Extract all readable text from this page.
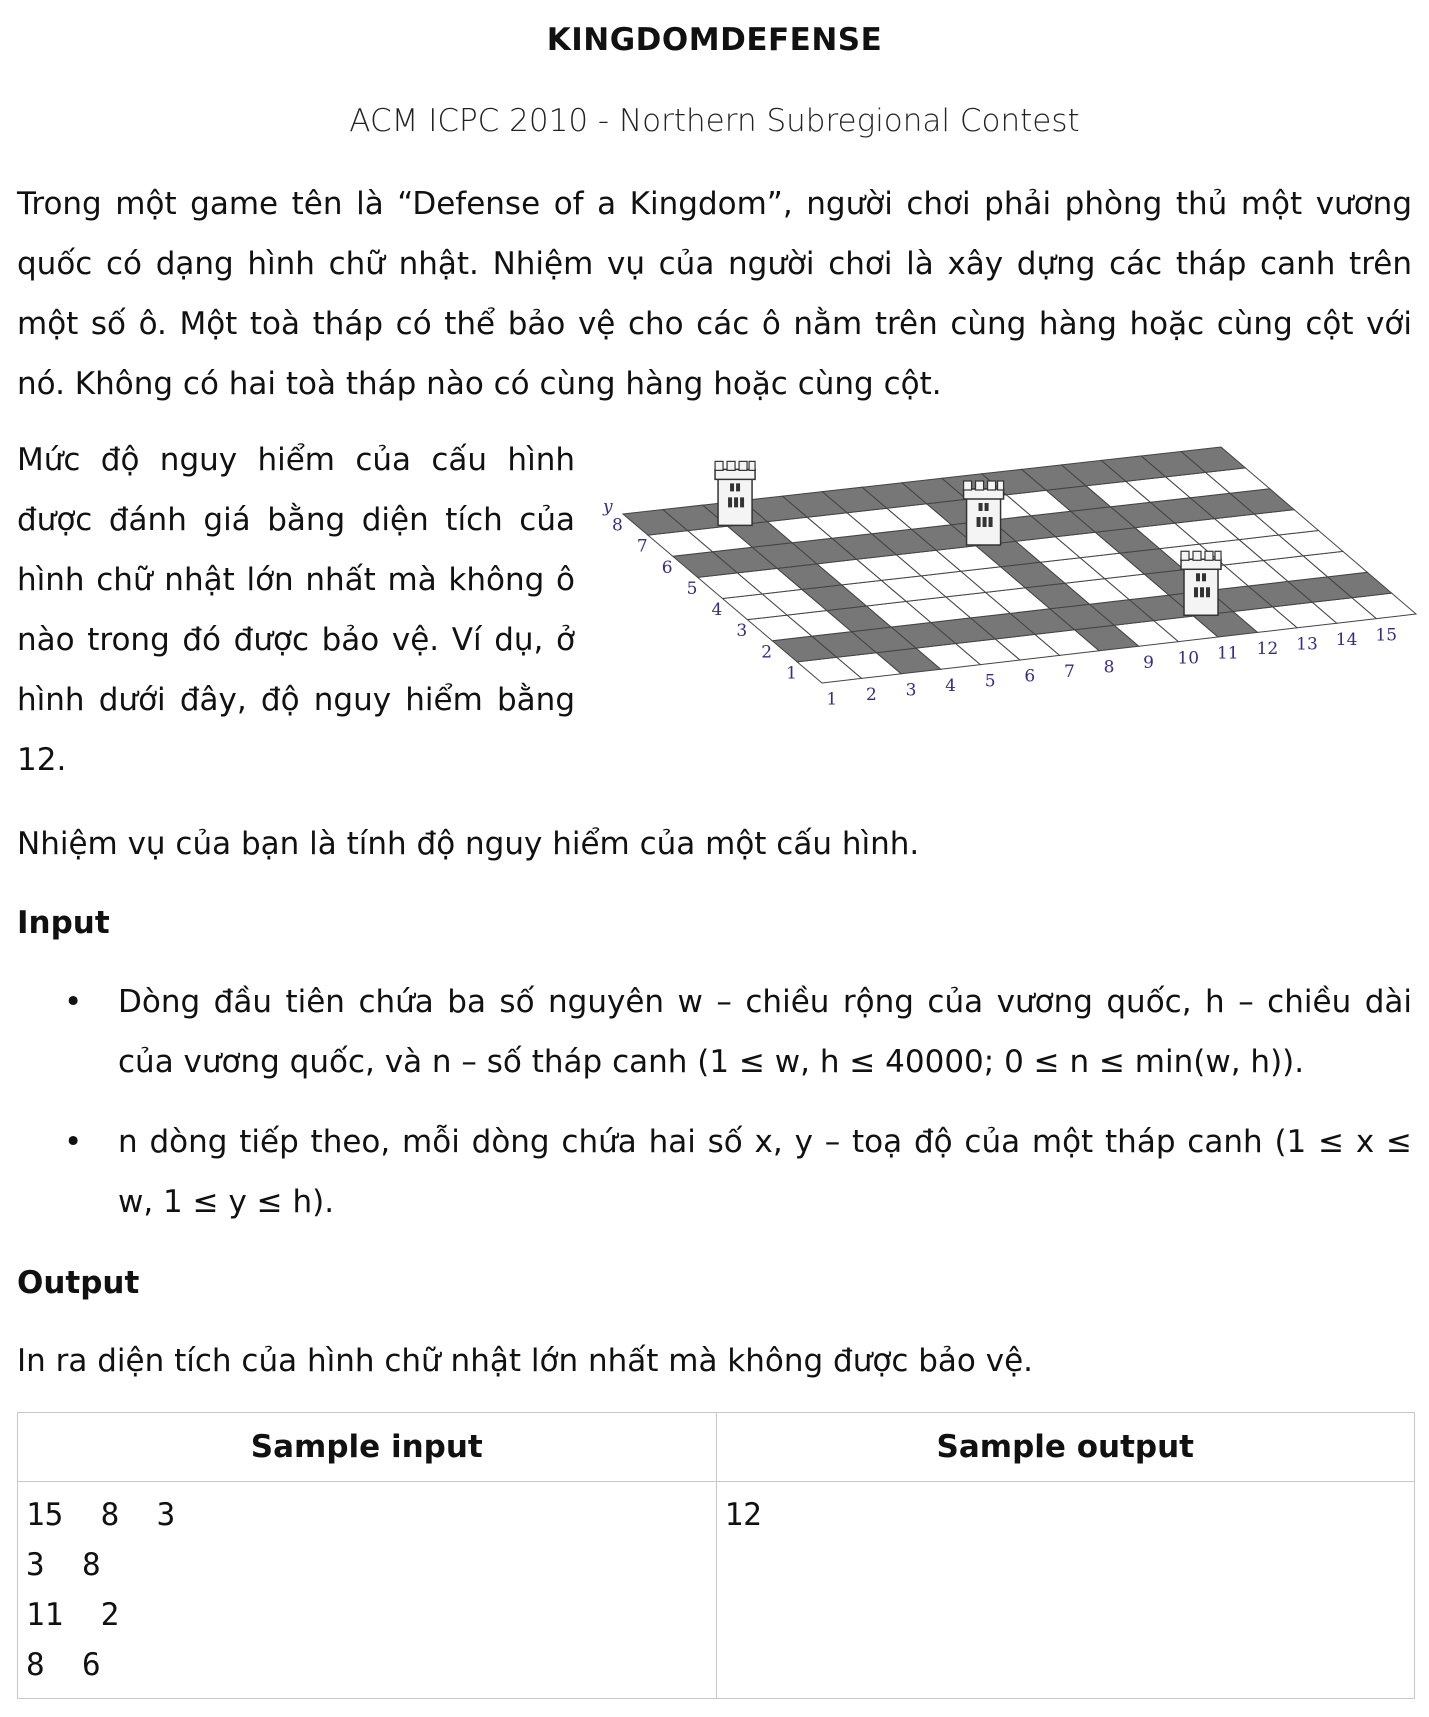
KINGDOMDEFENSE
ACM ICPC 2010 - Northern Subregional Contest

Trong một game tên là “Defense of a Kingdom”, người chơi phải phòng thủ một vương quốc có dạng hình chữ nhật. Nhiệm vụ của người chơi là xây dựng các tháp canh trên một số ô. Một toà tháp có thể bảo vệ cho các ô nằm trên cùng hàng hoặc cùng cột với nó. Không có hai toà tháp nào có cùng hàng hoặc cùng cột.

Mức độ nguy hiểm của cấu hình được đánh giá bằng diện tích của hình chữ nhật lớn nhất mà không ô nào trong đó được bảo vệ. Ví dụ, ở hình dưới đây, độ nguy hiểm bằng 12.

1 2 3 4 5 6 7 8 9 10 11 12 13 14 15
1
2
3
4
5
6
7
8
y

Nhiệm vụ của bạn là tính độ nguy hiểm của một cấu hình.

Input
• Dòng đầu tiên chứa ba số nguyên w – chiều rộng của vương quốc, h – chiều dài của vương quốc, và n – số tháp canh (1 ≤ w, h ≤ 40000; 0 ≤ n ≤ min(w, h)).
• n dòng tiếp theo, mỗi dòng chứa hai số x, y – toạ độ của một tháp canh (1 ≤ x ≤ w, 1 ≤ y ≤ h).
Output

In ra diện tích của hình chữ nhật lớn nhất mà không được bảo vệ.

Sample input	Sample output

15  8  3
3  8
11  2
8  6	12
